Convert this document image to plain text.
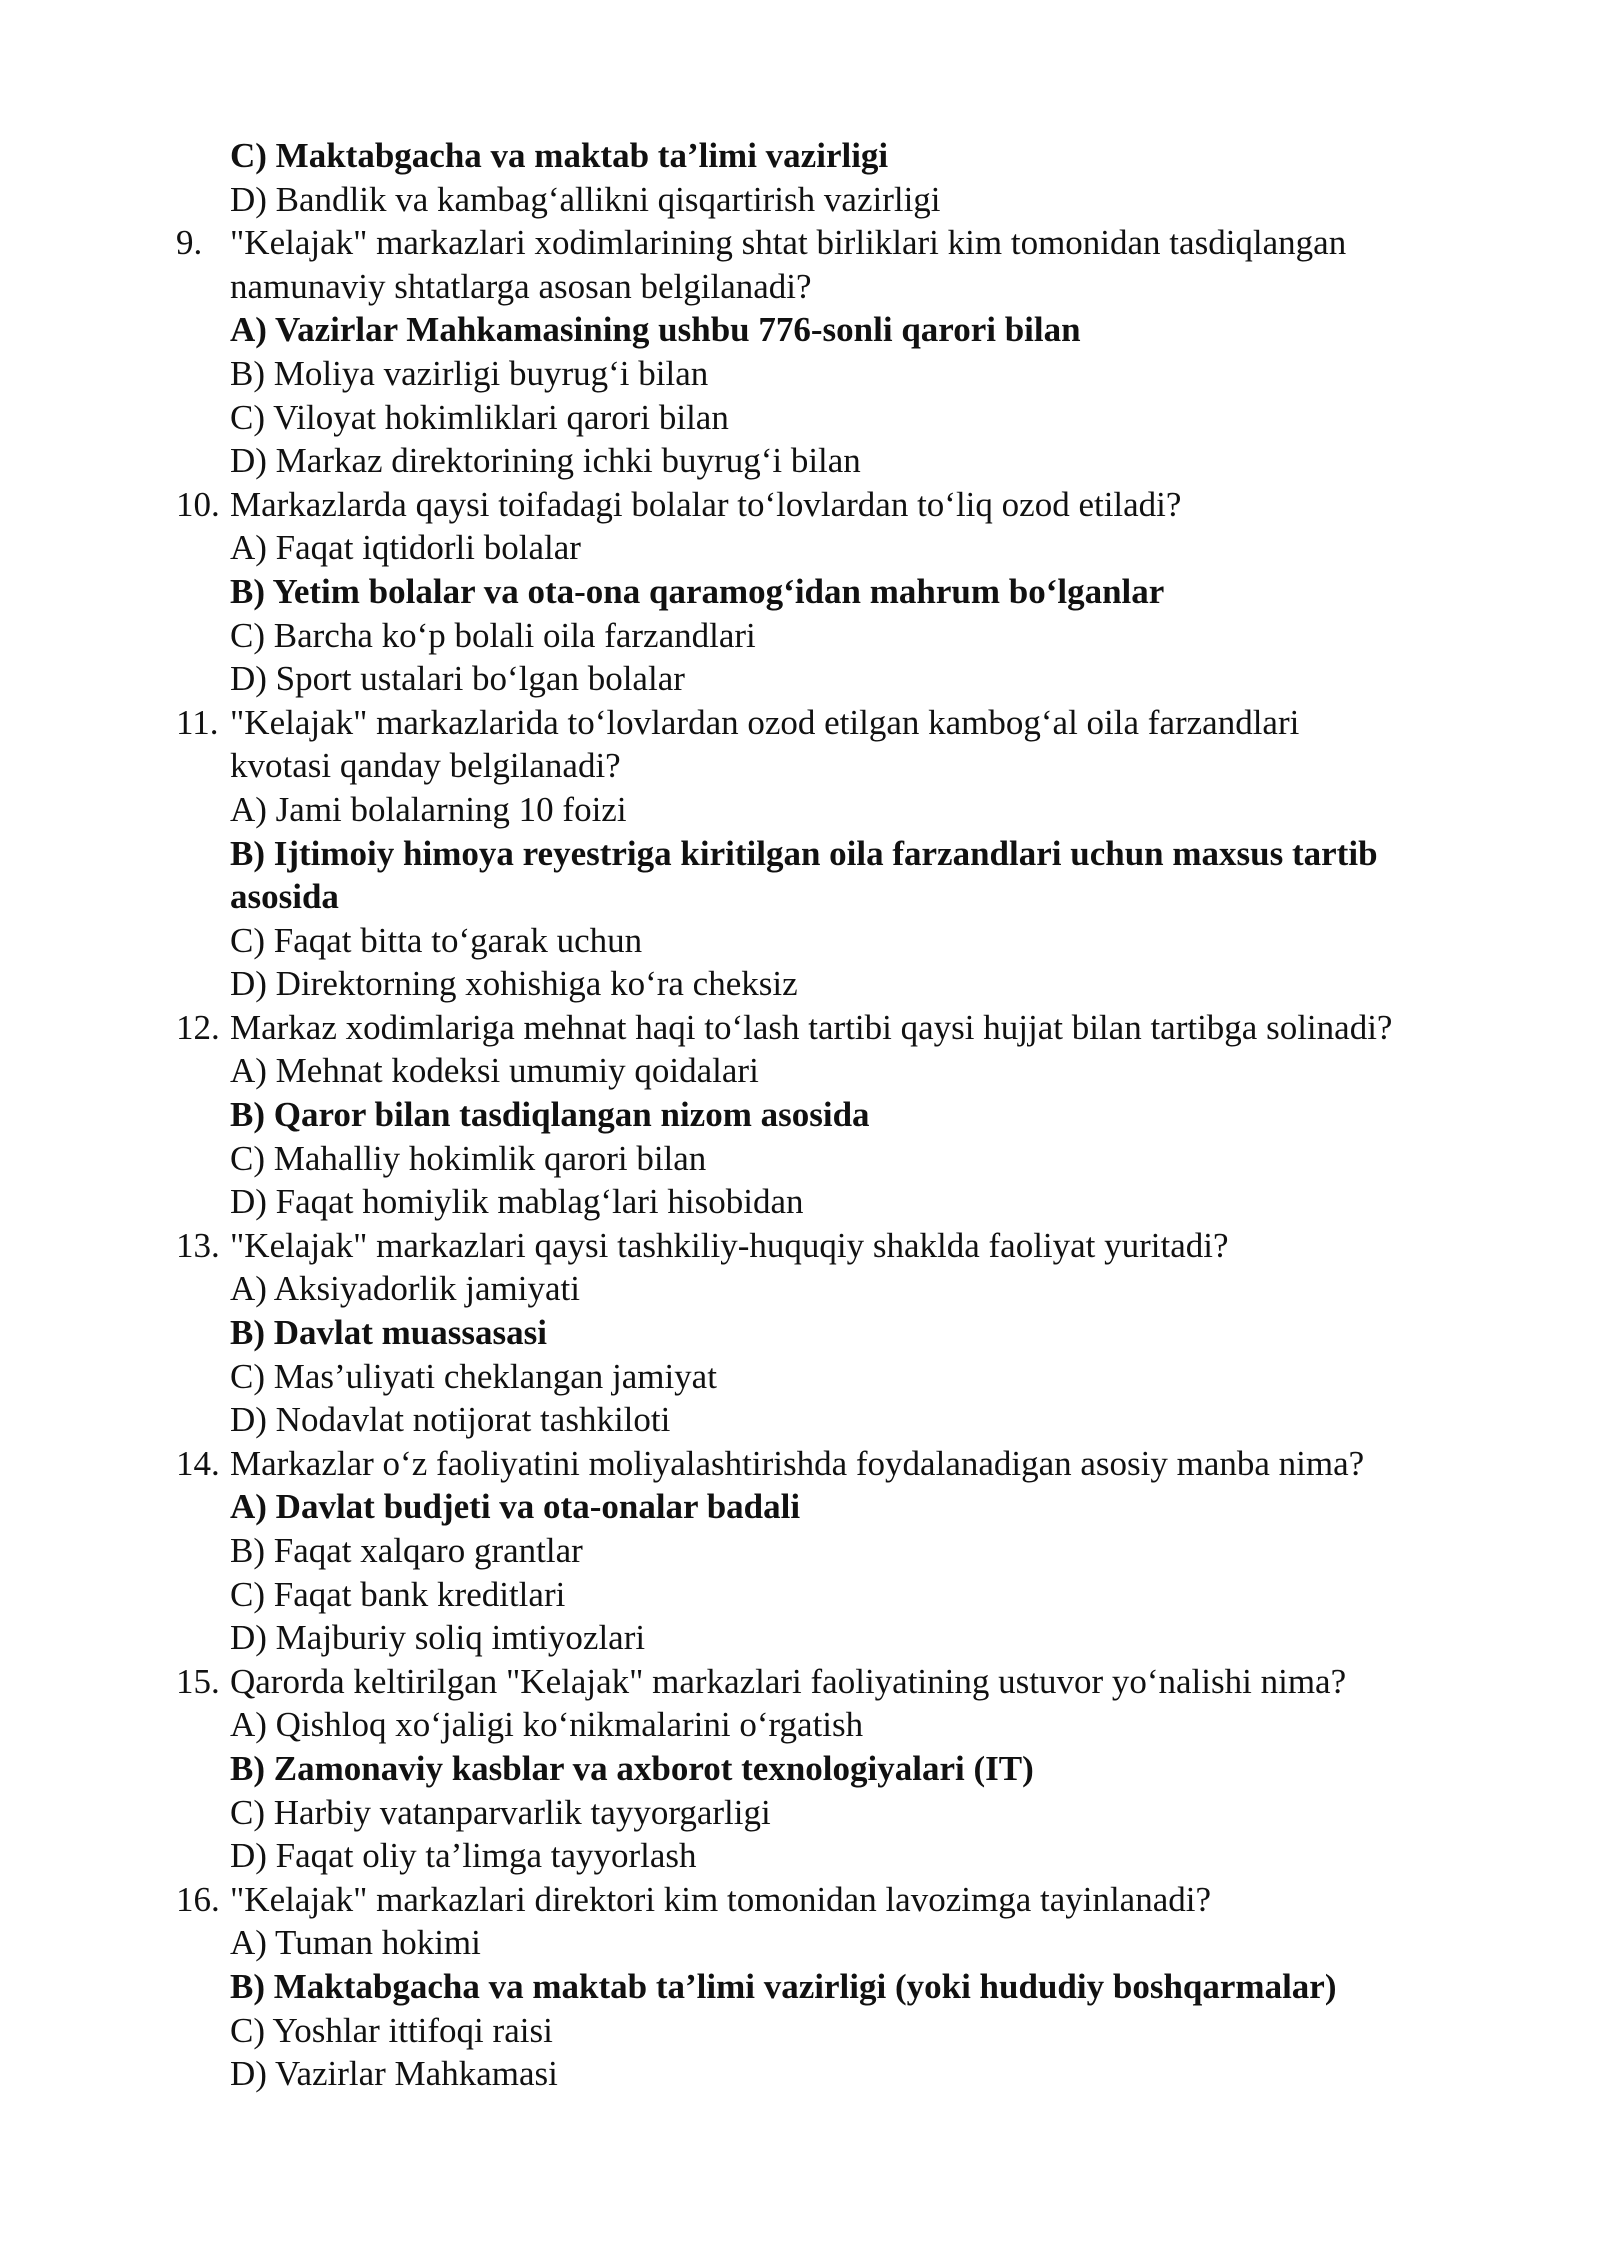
C) Maktabgacha va maktab ta’limi vazirligi
D) Bandlik va kambag‘allikni qisqartirish vazirligi
9. "Kelajak" markazlari xodimlarining shtat birliklari kim tomonidan tasdiqlangan
namunaviy shtatlarga asosan belgilanadi?
A) Vazirlar Mahkamasining ushbu 776-sonli qarori bilan
B) Moliya vazirligi buyrug‘i bilan
C) Viloyat hokimliklari qarori bilan
D) Markaz direktorining ichki buyrug‘i bilan
10. Markazlarda qaysi toifadagi bolalar to‘lovlardan to‘liq ozod etiladi?
A) Faqat iqtidorli bolalar
B) Yetim bolalar va ota-ona qaramog‘idan mahrum bo‘lganlar
C) Barcha ko‘p bolali oila farzandlari
D) Sport ustalari bo‘lgan bolalar
11. "Kelajak" markazlarida to‘lovlardan ozod etilgan kambog‘al oila farzandlari
kvotasi qanday belgilanadi?
A) Jami bolalarning 10 foizi
B) Ijtimoiy himoya reyestriga kiritilgan oila farzandlari uchun maxsus tartib
asosida
C) Faqat bitta to‘garak uchun
D) Direktorning xohishiga ko‘ra cheksiz
12. Markaz xodimlariga mehnat haqi to‘lash tartibi qaysi hujjat bilan tartibga solinadi?
A) Mehnat kodeksi umumiy qoidalari
B) Qaror bilan tasdiqlangan nizom asosida
C) Mahalliy hokimlik qarori bilan
D) Faqat homiylik mablag‘lari hisobidan
13. "Kelajak" markazlari qaysi tashkiliy-huquqiy shaklda faoliyat yuritadi?
A) Aksiyadorlik jamiyati
B) Davlat muassasasi
C) Mas’uliyati cheklangan jamiyat
D) Nodavlat notijorat tashkiloti
14. Markazlar o‘z faoliyatini moliyalashtirishda foydalanadigan asosiy manba nima?
A) Davlat budjeti va ota-onalar badali
B) Faqat xalqaro grantlar
C) Faqat bank kreditlari
D) Majburiy soliq imtiyozlari
15. Qarorda keltirilgan "Kelajak" markazlari faoliyatining ustuvor yo‘nalishi nima?
A) Qishloq xo‘jaligi ko‘nikmalarini o‘rgatish
B) Zamonaviy kasblar va axborot texnologiyalari (IT)
C) Harbiy vatanparvarlik tayyorgarligi
D) Faqat oliy ta’limga tayyorlash
16. "Kelajak" markazlari direktori kim tomonidan lavozimga tayinlanadi?
A) Tuman hokimi
B) Maktabgacha va maktab ta’limi vazirligi (yoki hududiy boshqarmalar)
C) Yoshlar ittifoqi raisi
D) Vazirlar Mahkamasi
